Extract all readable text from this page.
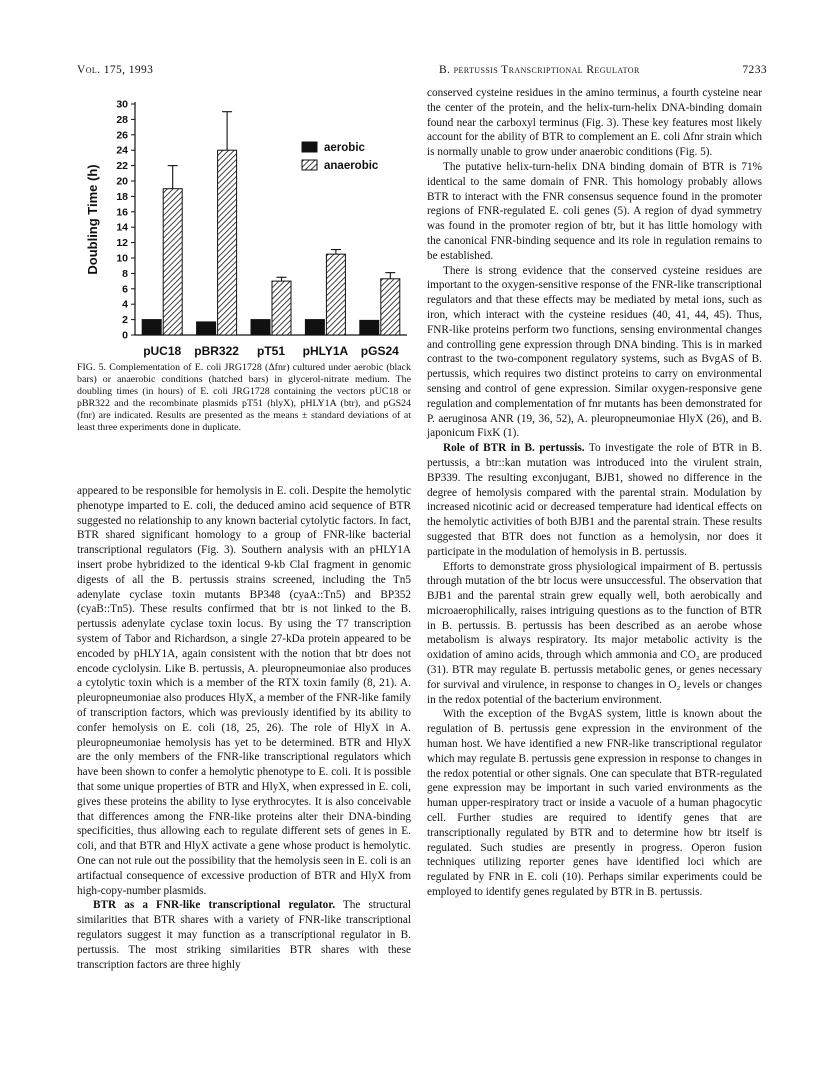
Vol. 175, 1993	B. pertussis Transcriptional Regulator	7233
0
2
4
6
8
10
12
14
16
18
20
22
24
26
28
30
Doubling Time (h)
pUC18 pBR322 pT51 pHLY1A pGS24
aerobic
anaerobic
FIG. 5. Complementation of E. coli JRG1728 (Δfnr) cultured under aerobic (black bars) or anaerobic conditions (hatched bars) in glycerol-nitrate medium. The doubling times (in hours) of E. coli JRG1728 containing the vectors pUC18 or pBR322 and the recombinate plasmids pT51 (hlyX), pHLY1A (btr), and pGS24 (fnr) are indicated. Results are presented as the means ± standard deviations of at least three experiments done in duplicate.

appeared to be responsible for hemolysis in E. coli. Despite the hemolytic phenotype imparted to E. coli, the deduced amino acid sequence of BTR suggested no relationship to any known bacterial cytolytic factors. In fact, BTR shared significant homology to a group of FNR-like bacterial transcriptional regulators (Fig. 3). Southern analysis with an pHLY1A insert probe hybridized to the identical 9-kb ClaI fragment in genomic digests of all the B. pertussis strains screened, including the Tn5 adenylate cyclase toxin mutants BP348 (cyaA::Tn5) and BP352 (cyaB::Tn5). These results confirmed that btr is not linked to the B. pertussis adenylate cyclase toxin locus. By using the T7 transcription system of Tabor and Richardson, a single 27-kDa protein appeared to be encoded by pHLY1A, again consistent with the notion that btr does not encode cyclolysin. Like B. pertussis, A. pleuropneumoniae also produces a cytolytic toxin which is a member of the RTX toxin family (8, 21). A. pleuropneumoniae also produces HlyX, a member of the FNR-like family of transcription factors, which was previously identified by its ability to confer hemolysis on E. coli (18, 25, 26). The role of HlyX in A. pleuropneumoniae hemolysis has yet to be determined. BTR and HlyX are the only members of the FNR-like transcriptional regulators which have been shown to confer a hemolytic phenotype to E. coli. It is possible that some unique properties of BTR and HlyX, when expressed in E. coli, gives these proteins the ability to lyse erythrocytes. It is also conceivable that differences among the FNR-like proteins alter their DNA-binding specificities, thus allowing each to regulate different sets of genes in E. coli, and that BTR and HlyX activate a gene whose product is hemolytic. One can not rule out the possibility that the hemolysis seen in E. coli is an artifactual consequence of excessive production of BTR and HlyX from high-copy-number plasmids.

BTR as a FNR-like transcriptional regulator. The structural similarities that BTR shares with a variety of FNR-like transcriptional regulators suggest it may function as a transcriptional regulator in B. pertussis. The most striking similarities BTR shares with these transcription factors are three highly

conserved cysteine residues in the amino terminus, a fourth cysteine near the center of the protein, and the helix-turn-helix DNA-binding domain found near the carboxyl terminus (Fig. 3). These key features most likely account for the ability of BTR to complement an E. coli Δfnr strain which is normally unable to grow under anaerobic conditions (Fig. 5).

The putative helix-turn-helix DNA binding domain of BTR is 71% identical to the same domain of FNR. This homology probably allows BTR to interact with the FNR consensus sequence found in the promoter regions of FNR-regulated E. coli genes (5). A region of dyad symmetry was found in the promoter region of btr, but it has little homology with the canonical FNR-binding sequence and its role in regulation remains to be established.

There is strong evidence that the conserved cysteine residues are important to the oxygen-sensitive response of the FNR-like transcriptional regulators and that these effects may be mediated by metal ions, such as iron, which interact with the cysteine residues (40, 41, 44, 45). Thus, FNR-like proteins perform two functions, sensing environmental changes and controlling gene expression through DNA binding. This is in marked contrast to the two-component regulatory systems, such as BvgAS of B. pertussis, which requires two distinct proteins to carry on environmental sensing and control of gene expression. Similar oxygen-responsive gene regulation and complementation of fnr mutants has been demonstrated for P. aeruginosa ANR (19, 36, 52), A. pleuropneumoniae HlyX (26), and B. japonicum FixK (1).

Role of BTR in B. pertussis. To investigate the role of BTR in B. pertussis, a btr::kan mutation was introduced into the virulent strain, BP339. The resulting exconjugant, BJB1, showed no difference in the degree of hemolysis compared with the parental strain. Modulation by increased nicotinic acid or decreased temperature had identical effects on the hemolytic activities of both BJB1 and the parental strain. These results suggested that BTR does not function as a hemolysin, nor does it participate in the modulation of hemolysis in B. pertussis.

Efforts to demonstrate gross physiological impairment of B. pertussis through mutation of the btr locus were unsuccessful. The observation that BJB1 and the parental strain grew equally well, both aerobically and microaerophilically, raises intriguing questions as to the function of BTR in B. pertussis. B. pertussis has been described as an aerobe whose metabolism is always respiratory. Its major metabolic activity is the oxidation of amino acids, through which ammonia and CO₂ are produced (31). BTR may regulate B. pertussis metabolic genes, or genes necessary for survival and virulence, in response to changes in O₂ levels or changes in the redox potential of the bacterium environment.

With the exception of the BvgAS system, little is known about the regulation of B. pertussis gene expression in the environment of the human host. We have identified a new FNR-like transcriptional regulator which may regulate B. pertussis gene expression in response to changes in the redox potential or other signals. One can speculate that BTR-regulated gene expression may be important in such varied environments as the human upper-respiratory tract or inside a vacuole of a human phagocytic cell. Further studies are required to identify genes that are transcriptionally regulated by BTR and to determine how btr itself is regulated. Such studies are presently in progress. Operon fusion techniques utilizing reporter genes have identified loci which are regulated by FNR in E. coli (10). Perhaps similar experiments could be employed to identify genes regulated by BTR in B. pertussis.
